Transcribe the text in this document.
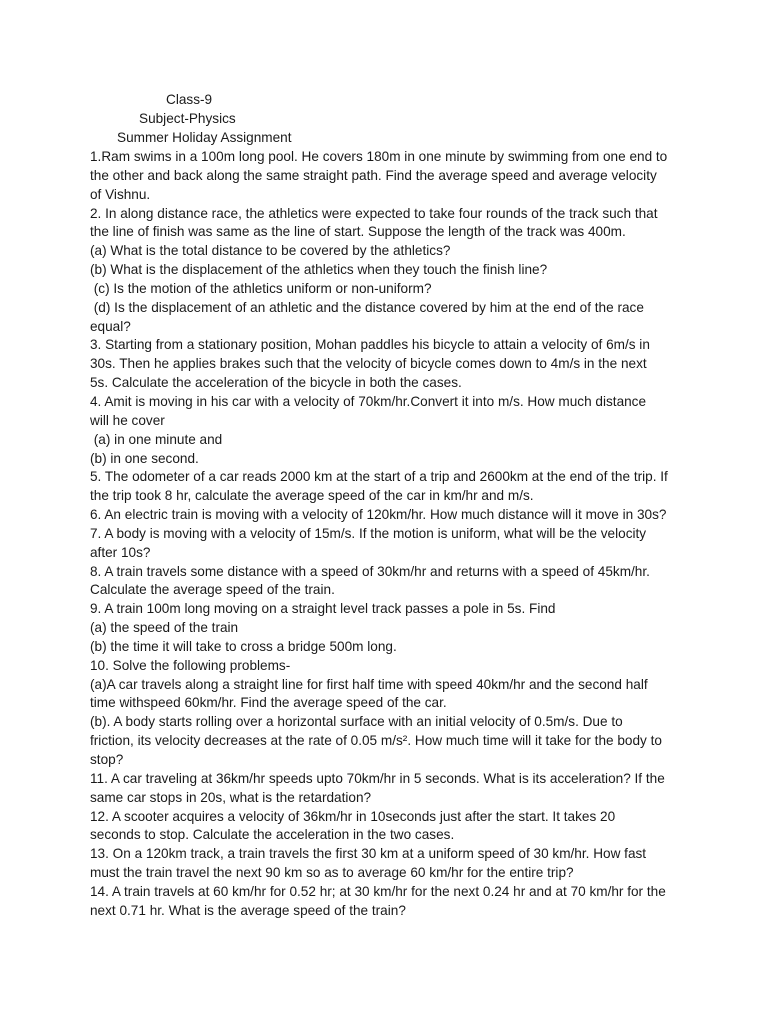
Class-9
Subject-Physics
Summer Holiday Assignment
1.Ram swims in a 100m long pool. He covers 180m in one minute by swimming from one end to
the other and back along the same straight path. Find the average speed and average velocity
of Vishnu.
2. In along distance race, the athletics were expected to take four rounds of the track such that
the line of finish was same as the line of start. Suppose the length of the track was 400m.
(a) What is the total distance to be covered by the athletics?
(b) What is the displacement of the athletics when they touch the finish line?
(c) Is the motion of the athletics uniform or non-uniform?
(d) Is the displacement of an athletic and the distance covered by him at the end of the race
equal?
3. Starting from a stationary position, Mohan paddles his bicycle to attain a velocity of 6m/s in
30s. Then he applies brakes such that the velocity of bicycle comes down to 4m/s in the next
5s. Calculate the acceleration of the bicycle in both the cases.
4. Amit is moving in his car with a velocity of 70km/hr.Convert it into m/s. How much distance
will he cover
(a) in one minute and
(b) in one second.
5. The odometer of a car reads 2000 km at the start of a trip and 2600km at the end of the trip. If
the trip took 8 hr, calculate the average speed of the car in km/hr and m/s.
6. An electric train is moving with a velocity of 120km/hr. How much distance will it move in 30s?
7. A body is moving with a velocity of 15m/s. If the motion is uniform, what will be the velocity
after 10s?
8. A train travels some distance with a speed of 30km/hr and returns with a speed of 45km/hr.
Calculate the average speed of the train.
9. A train 100m long moving on a straight level track passes a pole in 5s. Find
(a) the speed of the train
(b) the time it will take to cross a bridge 500m long.
10. Solve the following problems-
(a)A car travels along a straight line for first half time with speed 40km/hr and the second half
time withspeed 60km/hr. Find the average speed of the car.
(b). A body starts rolling over a horizontal surface with an initial velocity of 0.5m/s. Due to
friction, its velocity decreases at the rate of 0.05 m/s². How much time will it take for the body to
stop?
11. A car traveling at 36km/hr speeds upto 70km/hr in 5 seconds. What is its acceleration? If the
same car stops in 20s, what is the retardation?
12. A scooter acquires a velocity of 36km/hr in 10seconds just after the start. It takes 20
seconds to stop. Calculate the acceleration in the two cases.
13. On a 120km track, a train travels the first 30 km at a uniform speed of 30 km/hr. How fast
must the train travel the next 90 km so as to average 60 km/hr for the entire trip?
14. A train travels at 60 km/hr for 0.52 hr; at 30 km/hr for the next 0.24 hr and at 70 km/hr for the
next 0.71 hr. What is the average speed of the train?
